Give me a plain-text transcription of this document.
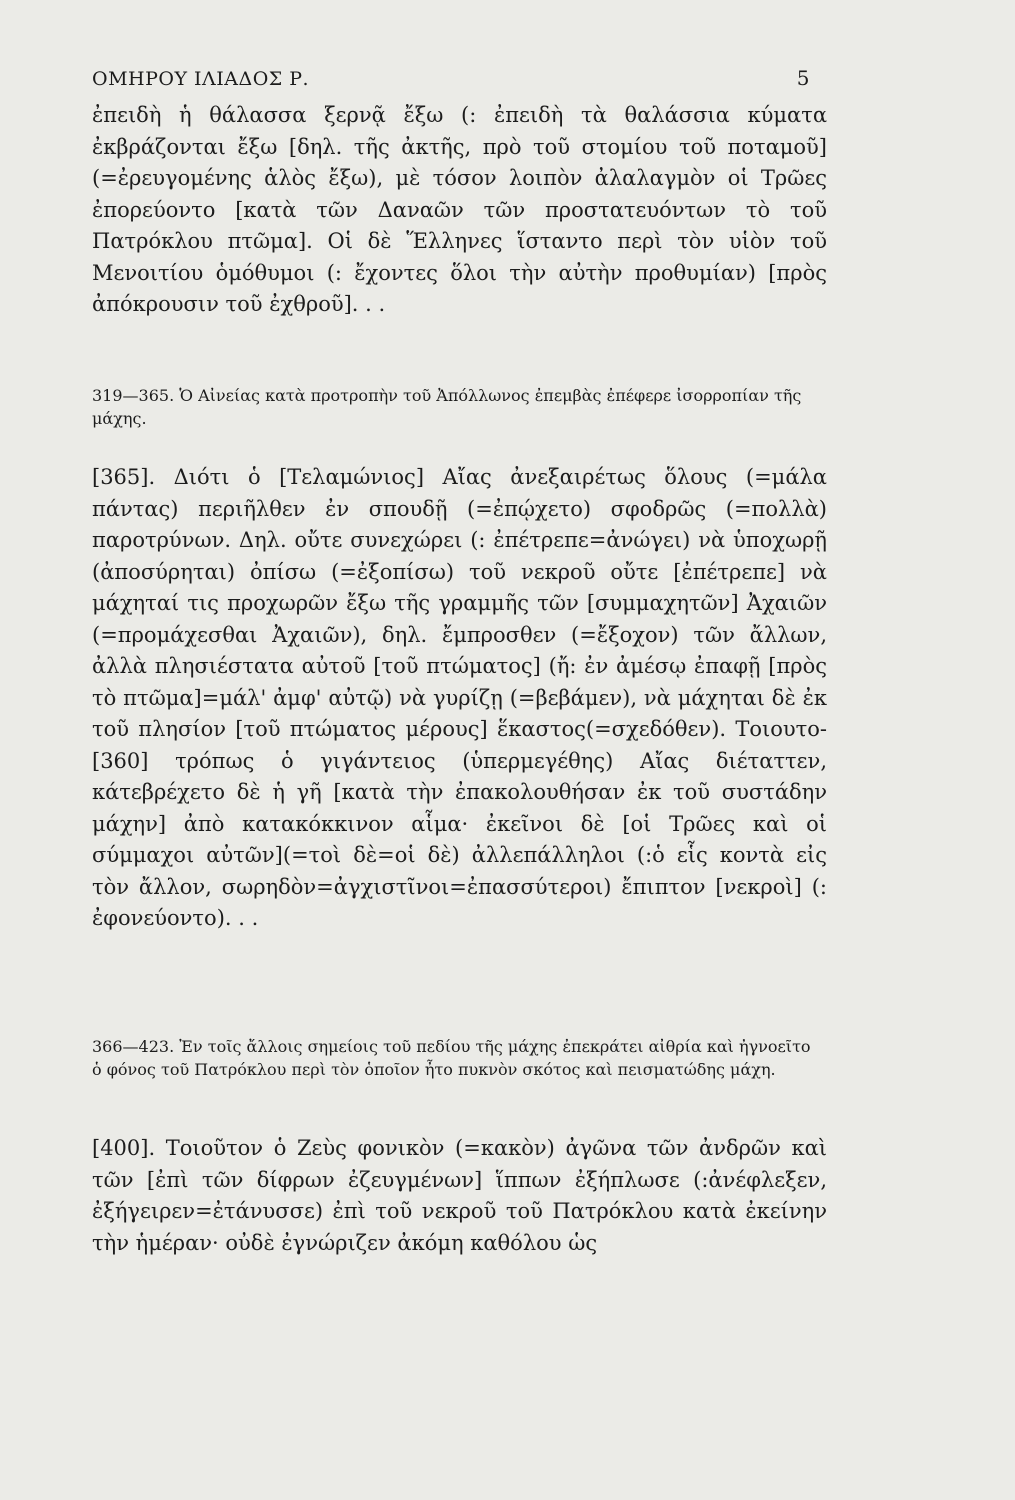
ΟΜΗΡΟΥ ΙΛΙΑΔΟΣ Ρ.	5

ἐπειδὴ ἡ θάλασσα ξερνᾷ ἔξω (: ἐπειδὴ τὰ θαλάσσια κύματα ἐκβράζονται ἔξω [δηλ. τῆς ἀκτῆς, πρὸ τοῦ στομίου τοῦ ποταμοῦ] (=ἐρευγομένης ἁλὸς ἔξω), μὲ τόσον λοιπὸν ἀλαλαγμὸν οἱ Τρῶες ἐπορεύοντο [κατὰ τῶν Δαναῶν τῶν προστατευόντων τὸ τοῦ Πατρόκλου πτῶμα]. Οἱ δὲ Ἕλληνες ἵσταντο περὶ τὸν υἱὸν τοῦ Μενοιτίου ὁμόθυμοι (: ἔχοντες ὅλοι τὴν αὐτὴν προθυμίαν) [πρὸς ἀπόκρουσιν τοῦ ἐχθροῦ]. . .

319—365. Ὁ Αἰνείας κατὰ προτροπὴν τοῦ Ἀπόλλωνος ἐπεμβὰς ἐπέφερε ἰσορροπίαν τῆς μάχης.

[365]. Διότι ὁ [Τελαμώνιος] Αἴας ἀνεξαιρέτως ὅλους (=μάλα πάντας) περιῆλθεν ἐν σπουδῇ (=ἐπῴχετο) σφοδρῶς (=πολλὰ) παροτρύνων. Δηλ. οὔτε συνεχώρει (: ἐπέτρεπε=ἀνώγει) νὰ ὑποχωρῇ (ἀποσύρηται) ὀπίσω (=ἐξοπίσω) τοῦ νεκροῦ οὔτε [ἐπέτρεπε] νὰ μάχηταί τις προχωρῶν ἔξω τῆς γραμμῆς τῶν [συμμαχητῶν] Ἀχαιῶν (=προμάχεσθαι Ἀχαιῶν), δηλ. ἔμπροσθεν (=ἔξοχον) τῶν ἄλλων, ἀλλὰ πλησιέστατα αὐτοῦ [τοῦ πτώματος] (ἤ: ἐν ἀμέσῳ ἐπαφῇ [πρὸς τὸ πτῶμα]=μάλ' ἀμφ' αὐτῷ) νὰ γυρίζῃ (=βεβάμεν), νὰ μάχηται δὲ ἐκ τοῦ πλησίον [τοῦ πτώματος μέρους] ἕκαστος(=σχεδόθεν). Τοιουτο- [360] τρόπως ὁ γιγάντειος (ὑπερμεγέθης) Αἴας διέταττεν, κάτεβρέχετο δὲ ἡ γῆ [κατὰ τὴν ἐπακολουθήσαν ἐκ τοῦ συστάδην μάχην] ἀπὸ κατακόκκινον αἷμα· ἐκεῖνοι δὲ [οἱ Τρῶες καὶ οἱ σύμμαχοι αὐτῶν](=τοὶ δὲ=οἱ δὲ) ἀλλεπάλληλοι (:ὁ εἷς κοντὰ εἰς τὸν ἄλλον, σωρηδὸν=ἀγχιστῖνοι=ἐπασσύτεροι) ἔπιπτον [νεκροὶ] (: ἐφονεύοντο). . .

366—423. Ἐν τοῖς ἄλλοις σημείοις τοῦ πεδίου τῆς μάχης ἐπεκράτει αἰθρία καὶ ἠγνοεῖτο ὁ φόνος τοῦ Πατρόκλου περὶ τὸν ὁποῖον ἦτο πυκνὸν σκότος καὶ πεισματώδης μάχη.

[400]. Τοιοῦτον ὁ Ζεὺς φονικὸν (=κακὸν) ἀγῶνα τῶν ἀνδρῶν καὶ τῶν [ἐπὶ τῶν δίφρων ἐζευγμένων] ἵππων ἐξήπλωσε (:ἀνέφλεξεν, ἐξήγειρεν=ἐτάνυσσε) ἐπὶ τοῦ νεκροῦ τοῦ Πατρόκλου κατὰ ἐκείνην τὴν ἡμέραν· οὐδὲ ἐγνώριζεν ἀκόμη καθόλου ὡς
